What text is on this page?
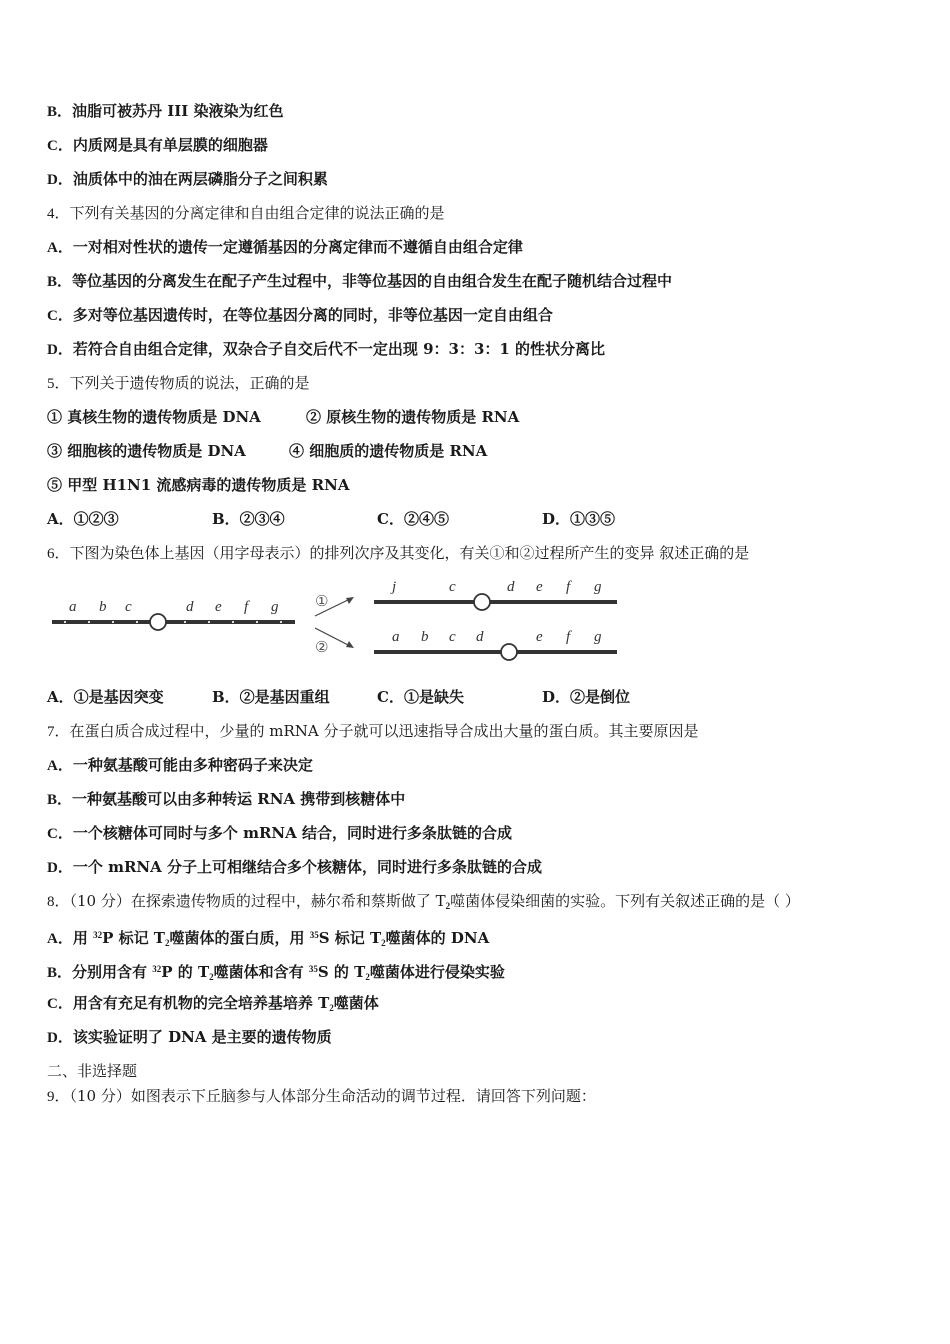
B．油脂可被苏丹 III 染液染为红色
C．内质网是具有单层膜的细胞器
D．油质体中的油在两层磷脂分子之间积累
4．下列有关基因的分离定律和自由组合定律的说法正确的是
A．一对相对性状的遗传一定遵循基因的分离定律而不遵循自由组合定律
B．等位基因的分离发生在配子产生过程中，非等位基因的自由组合发生在配子随机结合过程中
C．多对等位基因遗传时，在等位基因分离的同时，非等位基因一定自由组合
D．若符合自由组合定律，双杂合子自交后代不一定出现 9：3：3：1 的性状分离比
5．下列关于遗传物质的说法，正确的是
① 真核生物的遗传物质是 DNA	② 原核生物的遗传物质是 RNA
③ 细胞核的遗传物质是 DNA	④ 细胞质的遗传物质是 RNA
⑤ 甲型 H1N1 流感病毒的遗传物质是 RNA
A．①②③	B．②③④	C．②④⑤	D．①③⑤
6．下图为染色体上基因（用字母表示）的排列次序及其变化，有关①和②过程所产生的变异 叙述正确的是
a b c	d e f g ①
②
j	c	d e f g
a b c d	e f g
A．①是基因突变	B．②是基因重组	C．①是缺失	D．②是倒位
7．在蛋白质合成过程中，少量的 mRNA 分子就可以迅速指导合成出大量的蛋白质。其主要原因是
A．一种氨基酸可能由多种密码子来决定
B．一种氨基酸可以由多种转运 RNA 携带到核糖体中
C．一个核糖体可同时与多个 mRNA 结合，同时进行多条肽链的合成
D．一个 mRNA 分子上可相继结合多个核糖体，同时进行多条肽链的合成
8．（10 分）在探索遗传物质的过程中，赫尔希和蔡斯做了 $T_2$噬菌体侵染细菌的实验。下列有关叙述正确的是（ ）
A．用 $^{32}$P 标记 $T_2$噬菌体的蛋白质，用 $^{35}$S 标记 $T_2$噬菌体的 DNA
B．分别用含有 $^{32}$P 的 $T_2$噬菌体和含有 $^{35}$S 的 $T_2$噬菌体进行侵染实验
C．用含有充足有机物的完全培养基培养 $T_2$噬菌体
D．该实验证明了 DNA 是主要的遗传物质
二、非选择题
9．（10 分）如图表示下丘脑参与人体部分生命活动的调节过程．请回答下列问题：
